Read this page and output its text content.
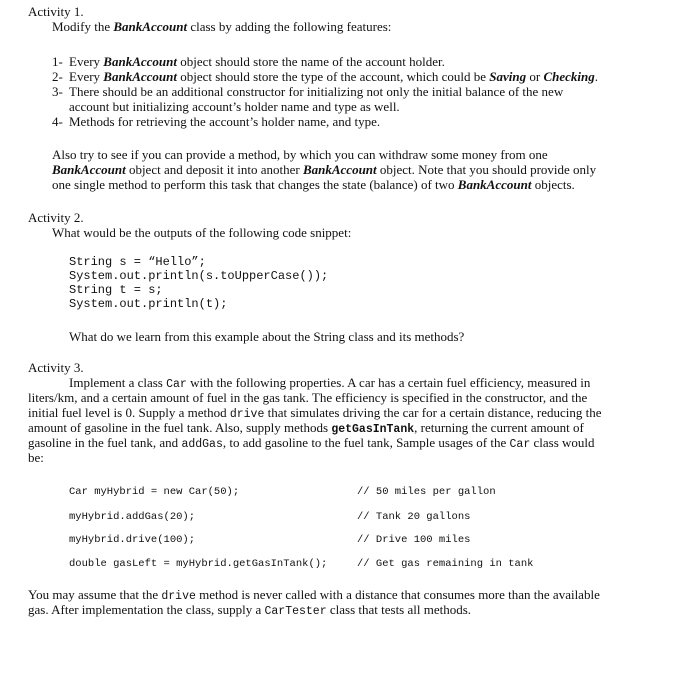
Activity 1.
Modify the BankAccount class by adding the following features:
1- Every BankAccount object should store the name of the account holder.
2- Every BankAccount object should store the type of the account, which could be Saving or Checking.
3- There should be an additional constructor for initializing not only the initial balance of the new
account but initializing account’s holder name and type as well.
4- Methods for retrieving the account’s holder name, and type.
Also try to see if you can provide a method, by which you can withdraw some money from one
BankAccount object and deposit it into another BankAccount object. Note that you should provide only
one single method to perform this task that changes the state (balance) of two BankAccount objects.
Activity 2.
What would be the outputs of the following code snippet:
String s = “Hello”;
System.out.println(s.toUpperCase());
String t = s;
System.out.println(t);
What do we learn from this example about the String class and its methods?
Activity 3.
Implement a class Car with the following properties. A car has a certain fuel efficiency, measured in
liters/km, and a certain amount of fuel in the gas tank. The efficiency is specified in the constructor, and the
initial fuel level is 0. Supply a method drive that simulates driving the car for a certain distance, reducing the
amount of gasoline in the fuel tank. Also, supply methods getGasInTank, returning the current amount of
gasoline in the fuel tank, and addGas, to add gasoline to the fuel tank, Sample usages of the Car class would
be:
Car myHybrid = new Car(50);	// 50 miles per gallon
myHybrid.addGas(20);	// Tank 20 gallons
myHybrid.drive(100);	// Drive 100 miles
double gasLeft = myHybrid.getGasInTank();	// Get gas remaining in tank
You may assume that the drive method is never called with a distance that consumes more than the available
gas. After implementation the class, supply a CarTester class that tests all methods.
